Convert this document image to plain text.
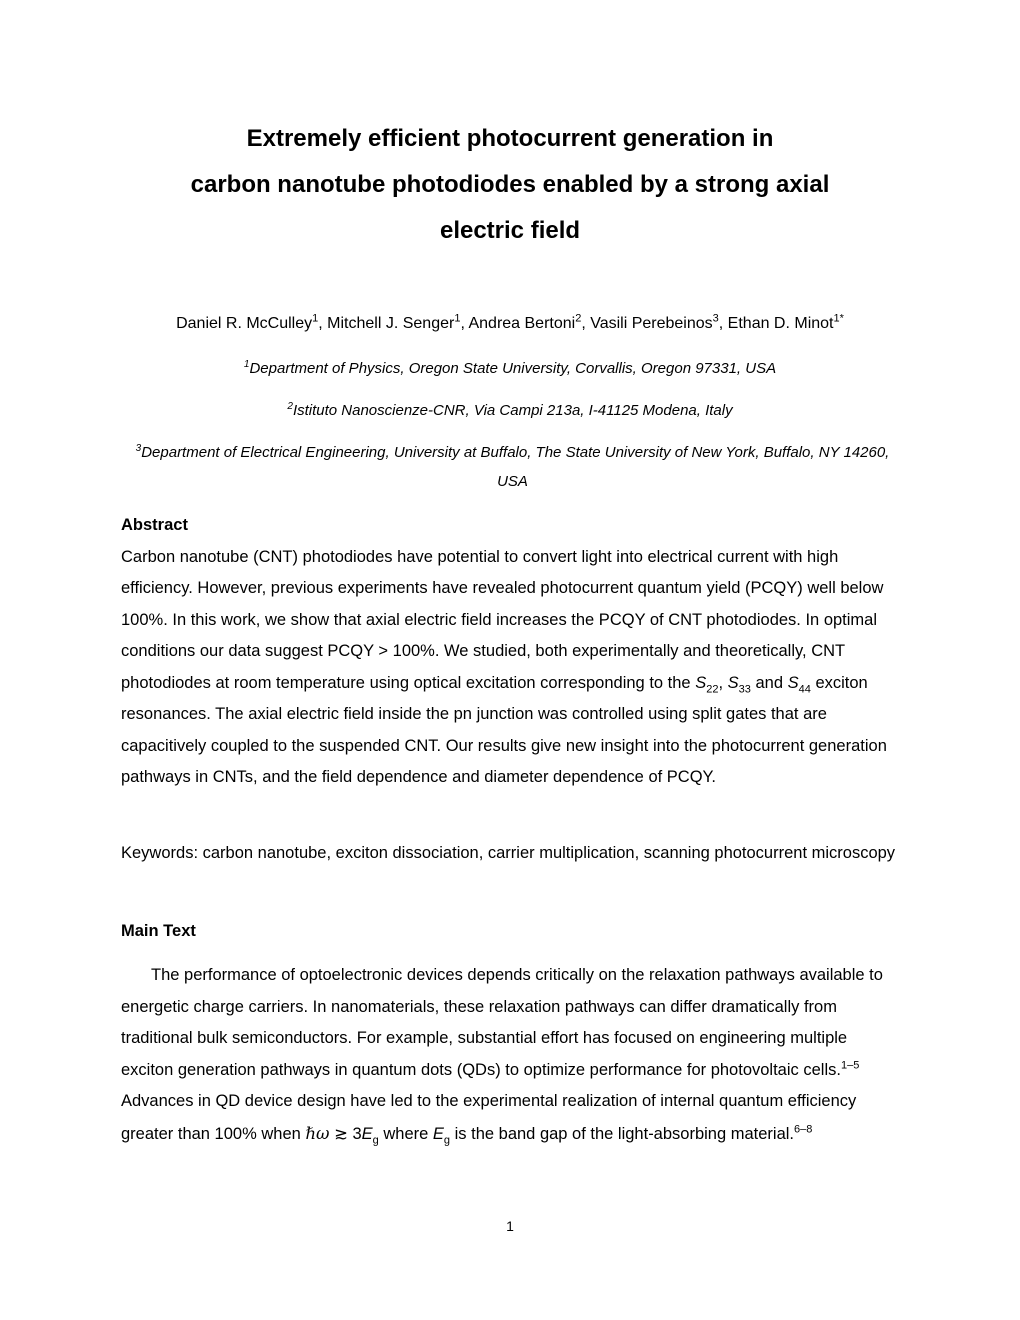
Extremely efficient photocurrent generation in
carbon nanotube photodiodes enabled by a strong axial
electric field
Daniel R. McCulley$^1$, Mitchell J. Senger$^1$, Andrea Bertoni$^2$, Vasili Perebeinos$^3$, Ethan D. Minot$^{1*}$
$^1$Department of Physics, Oregon State University, Corvallis, Oregon 97331, USA
$^2$Istituto Nanoscienze-CNR, Via Campi 213a, I-41125 Modena, Italy
$^3$Department of Electrical Engineering, University at Buffalo, The State University of New York, Buffalo, NY 14260, USA
Abstract
Carbon nanotube (CNT) photodiodes have potential to convert light into electrical current with high efficiency. However, previous experiments have revealed photocurrent quantum yield (PCQY) well below 100%. In this work, we show that axial electric field increases the PCQY of CNT photodiodes. In optimal conditions our data suggest PCQY > 100%. We studied, both experimentally and theoretically, CNT photodiodes at room temperature using optical excitation corresponding to the $S_{22}$, $S_{33}$ and $S_{44}$ exciton resonances. The axial electric field inside the pn junction was controlled using split gates that are capacitively coupled to the suspended CNT. Our results give new insight into the photocurrent generation pathways in CNTs, and the field dependence and diameter dependence of PCQY.
Keywords: carbon nanotube, exciton dissociation, carrier multiplication, scanning photocurrent microscopy
Main Text
The performance of optoelectronic devices depends critically on the relaxation pathways available to energetic charge carriers. In nanomaterials, these relaxation pathways can differ dramatically from traditional bulk semiconductors. For example, substantial effort has focused on engineering multiple exciton generation pathways in quantum dots (QDs) to optimize performance for photovoltaic cells.$^{1-5}$ Advances in QD device design have led to the experimental realization of internal quantum efficiency greater than 100% when ℏω ≳ $3E_g$ where $E_g$ is the band gap of the light-absorbing material.$^{6-8}$
1
